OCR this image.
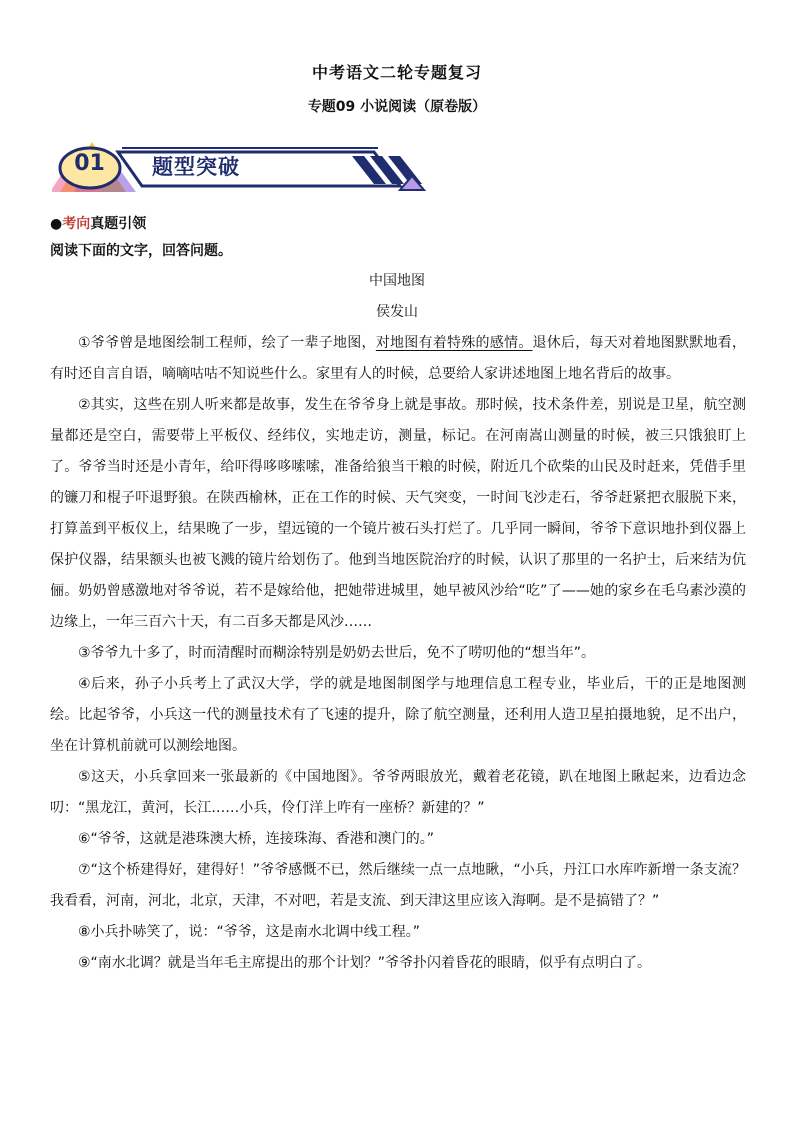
中考语文二轮专题复习
专题09 小说阅读（原卷版）
01	题型突破
●考向真题引领
阅读下面的文字，回答问题。
中国地图
侯发山

①爷爷曾是地图绘制工程师，绘了一辈子地图，对地图有着特殊的感情。退休后，每天对着地图默默地看，有时还自言自语，嘀嘀咕咕不知说些什么。家里有人的时候，总要给人家讲述地图上地名背后的故事。

②其实，这些在别人听来都是故事，发生在爷爷身上就是事故。那时候，技术条件差，别说是卫星，航空测量都还是空白，需要带上平板仪、经纬仪，实地走访，测量，标记。在河南嵩山测量的时候，被三只饿狼盯上了。爷爷当时还是小青年，给吓得哆哆嗦嗦，准备给狼当干粮的时候，附近几个砍柴的山民及时赶来，凭借手里的镰刀和棍子吓退野狼。在陕西榆林，正在工作的时候、天气突变，一时间飞沙走石，爷爷赶紧把衣服脱下来，打算盖到平板仪上，结果晚了一步，望远镜的一个镜片被石头打烂了。几乎同一瞬间，爷爷下意识地扑到仪器上保护仪器，结果额头也被飞溅的镜片给划伤了。他到当地医院治疗的时候，认识了那里的一名护士，后来结为伉俪。奶奶曾感激地对爷爷说，若不是嫁给他，把她带进城里，她早被风沙给“吃”了——她的家乡在毛乌素沙漠的边缘上，一年三百六十天，有二百多天都是风沙……

③爷爷九十多了，时而清醒时而糊涂特别是奶奶去世后，免不了唠叨他的“想当年”。

④后来，孙子小兵考上了武汉大学，学的就是地图制图学与地理信息工程专业，毕业后，干的正是地图测绘。比起爷爷，小兵这一代的测量技术有了飞速的提升，除了航空测量，还利用人造卫星拍摄地貌，足不出户，坐在计算机前就可以测绘地图。

⑤这天，小兵拿回来一张最新的《中国地图》。爷爷两眼放光，戴着老花镜，趴在地图上瞅起来，边看边念叨：“黑龙江，黄河，长江……小兵，伶仃洋上咋有一座桥？新建的？”

⑥“爷爷，这就是港珠澳大桥，连接珠海、香港和澳门的。”

⑦“这个桥建得好，建得好！”爷爷感慨不已，然后继续一点一点地瞅，“小兵，丹江口水库咋新增一条支流？我看看，河南，河北，北京，天津，不对吧，若是支流、到天津这里应该入海啊。是不是搞错了？”

⑧小兵扑哧笑了，说：“爷爷，这是南水北调中线工程。”

⑨“南水北调？就是当年毛主席提出的那个计划？”爷爷扑闪着昏花的眼睛，似乎有点明白了。
